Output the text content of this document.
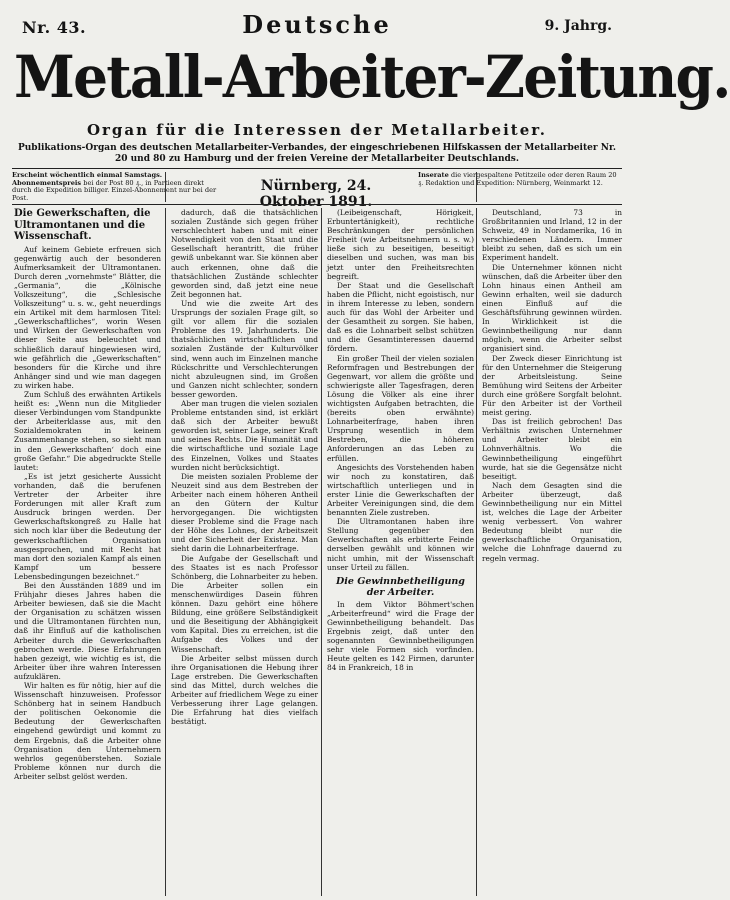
Nr. 43.	9. Jahrg.
Deutsche
Metall-Arbeiter-Zeitung.
Organ für die Interessen der Metallarbeiter.
Publikations-Organ des deutschen Metallarbeiter-Verbandes, der eingeschriebenen Hilfskassen der Metallarbeiter Nr. 20 und 80 zu Hamburg und der freien Vereine der Metallarbeiter Deutschlands.
Erscheint wöchentlich einmal Samstags. Abonnementspreis bei der Post 80 ₰., in Partieen direkt durch die Expedition billiger. Einzel-Abonnement nur bei der Post.
Nürnberg, 24. Oktober 1891.
Inserate die viergespaltene Petitzeile oder deren Raum 20 ₰. Redaktion und Expedition: Nürnberg, Weinmarkt 12.
Die Gewerkschaften, die Ultramontanen und die Wissenschaft.

Auf keinem Gebiete erfreuen sich gegenwärtig auch der besonderen Aufmerksamkeit der Ultramontanen. Durch deren „vornehmste“ Blätter, die „Germania“, die „Kölnische Volkszeitung“, die „Schlesische Volkszeitung“ u. s. w., geht neuerdings ein Artikel mit dem harmlosen Titel: „Gewerkschaftliches“, worin Wesen und Wirken der Gewerkschaften von dieser Seite aus beleuchtet und schließlich darauf hingewiesen wird, wie gefährlich die „Gewerkschaften“ besonders für die Kirche und ihre Anhänger sind und wie man dagegen zu wirken habe.

Zum Schluß des erwähnten Artikels heißt es: „Wenn nun die Mitglieder dieser Verbindungen vom Standpunkte der Arbeiterklasse aus, mit den Sozialdemokraten in keinem Zusammenhange stehen, so sieht man in den ‚Gewerkschaften‘ doch eine große Gefahr.“ Die abgedruckte Stelle lautet:

„Es ist jetzt gesicherte Aussicht vorhanden, daß die berufenen Vertreter der Arbeiter ihre Forderungen mit aller Kraft zum Ausdruck bringen werden. Der Gewerkschaftskongreß zu Halle hat sich noch klar über die Bedeutung der gewerkschaftlichen Organisation ausgesprochen, und mit Recht hat man dort den sozialen Kampf als einen Kampf um bessere Lebensbedingungen bezeichnet.“

Bei den Ausständen 1889 und im Frühjahr dieses Jahres haben die Arbeiter bewiesen, daß sie die Macht der Organisation zu schätzen wissen und die Ultramontanen fürchten nun, daß ihr Einfluß auf die katholischen Arbeiter durch die Gewerkschaften gebrochen werde. Diese Erfahrungen haben gezeigt, wie wichtig es ist, die Arbeiter über ihre wahren Interessen aufzuklären.

Wir halten es für nötig, hier auf die Wissenschaft hinzuweisen. Professor Schönberg hat in seinem Handbuch der politischen Oekonomie die Bedeutung der Gewerkschaften eingehend gewürdigt und kommt zu dem Ergebnis, daß die Arbeiter ohne Organisation den Unternehmern wehrlos gegenüberstehen. Soziale Probleme können nur durch die Arbeiter selbst gelöst werden.

dadurch, daß die thatsächlichen sozialen Zustände sich gegen früher verschlechtert haben und mit einer Notwendigkeit von den Staat und die Gesellschaft herantritt, die früher gewiß unbekannt war. Sie können aber auch erkennen, ohne daß die thatsächlichen Zustände schlechter geworden sind, daß jetzt eine neue Zeit begonnen hat.

Und wie die zweite Art des Ursprungs der sozialen Frage gilt, so gilt vor allem für die sozialen Probleme des 19. Jahrhunderts. Die thatsächlichen wirtschaftlichen und sozialen Zustände der Kulturvölker sind, wenn auch im Einzelnen manche Rückschritte und Verschlechterungen nicht abzuleugnen sind, im Großen und Ganzen nicht schlechter, sondern besser geworden.

Aber man trugen die vielen sozialen Probleme entstanden sind, ist erklärt daß sich der Arbeiter bewußt geworden ist, seiner Lage, seiner Kraft und seines Rechts. Die Humanität und die wirtschaftliche und soziale Lage des Einzelnen, Volkes und Staates wurden nicht berücksichtigt.

Die meisten sozialen Probleme der Neuzeit sind aus dem Bestreben der Arbeiter nach einem höheren Antheil an den Gütern der Kultur hervorgegangen. Die wichtigsten dieser Probleme sind die Frage nach der Höhe des Lohnes, der Arbeitszeit und der Sicherheit der Existenz. Man sieht darin die Lohnarbeiterfrage.

Die Aufgabe der Gesellschaft und des Staates ist es nach Professor Schönberg, die Lohnarbeiter zu heben. Die Arbeiter sollen ein menschenwürdiges Dasein führen können. Dazu gehört eine höhere Bildung, eine größere Selbständigkeit und die Beseitigung der Abhängigkeit vom Kapital. Dies zu erreichen, ist die Aufgabe des Volkes und der Wissenschaft.

Die Arbeiter selbst müssen durch ihre Organisationen die Hebung ihrer Lage erstreben. Die Gewerkschaften sind das Mittel, durch welches die Arbeiter auf friedlichem Wege zu einer Verbesserung ihrer Lage gelangen. Die Erfahrung hat dies vielfach bestätigt.

(Leibeigenschaft, Hörigkeit, Erbuntertänigkeit), rechtliche Beschränkungen der persönlichen Freiheit (wie Arbeitsnehmern u. s. w.) ließe sich zu beseitigen, beseitigt dieselben und suchen, was man bis jetzt unter den Freiheitsrechten begreift.

Der Staat und die Gesellschaft haben die Pflicht, nicht egoistisch, nur in ihrem Interesse zu leben, sondern auch für das Wohl der Arbeiter und der Gesamtheit zu sorgen. Sie haben, daß es die Lohnarbeit selbst schützen und die Gesamtinteressen dauernd fördern.

Ein großer Theil der vielen sozialen Reformfragen und Bestrebungen der Gegenwart, vor allem die größte und schwierigste aller Tagesfragen, deren Lösung die Völker als eine ihrer wichtigsten Aufgaben betrachten, die (bereits oben erwähnte) Lohnarbeiterfrage, haben ihren Ursprung wesentlich in dem Bestreben, die höheren Anforderungen an das Leben zu erfüllen.

Angesichts des Vorstehenden haben wir noch zu konstatiren, daß wirtschaftlich unterliegen und in erster Linie die Gewerkschaften der Arbeiter Vereinigungen sind, die dem benannten Ziele zustreben.

Die Ultramontanen haben ihre Stellung gegenüber den Gewerkschaften als erbitterte Feinde derselben gewählt und können wir nicht umhin, mit der Wissenschaft unser Urteil zu fällen.

Die Gewinnbetheiligung der Arbeiter.

In dem Viktor Böhmert'schen „Arbeiterfreund“ wird die Frage der Gewinnbetheiligung behandelt. Das Ergebnis zeigt, daß unter den sogenannten Gewinnbetheiligungen sehr viele Formen sich vorfinden. Heute gelten es 142 Firmen, darunter 84 in Frankreich, 18 in

Deutschland, 73 in Großbritannien und Irland, 12 in der Schweiz, 49 in Nordamerika, 16 in verschiedenen Ländern. Immer bleibt zu sehen, daß es sich um ein Experiment handelt.

Die Unternehmer können nicht wünschen, daß die Arbeiter über den Lohn hinaus einen Antheil am Gewinn erhalten, weil sie dadurch einen Einfluß auf die Geschäftsführung gewinnen würden. In Wirklichkeit ist die Gewinnbetheiligung nur dann möglich, wenn die Arbeiter selbst organisiert sind.

Der Zweck dieser Einrichtung ist für den Unternehmer die Steigerung der Arbeitsleistung. Seine Bemühung wird Seitens der Arbeiter durch eine größere Sorgfalt belohnt. Für den Arbeiter ist der Vortheil meist gering.

Das ist freilich gebrochen! Das Verhältnis zwischen Unternehmer und Arbeiter bleibt ein Lohnverhältnis. Wo die Gewinnbetheiligung eingeführt wurde, hat sie die Gegensätze nicht beseitigt.

Nach dem Gesagten sind die Arbeiter überzeugt, daß Gewinnbetheiligung nur ein Mittel ist, welches die Lage der Arbeiter wenig verbessert. Von wahrer Bedeutung bleibt nur die gewerkschaftliche Organisation, welche die Lohnfrage dauernd zu regeln vermag.
